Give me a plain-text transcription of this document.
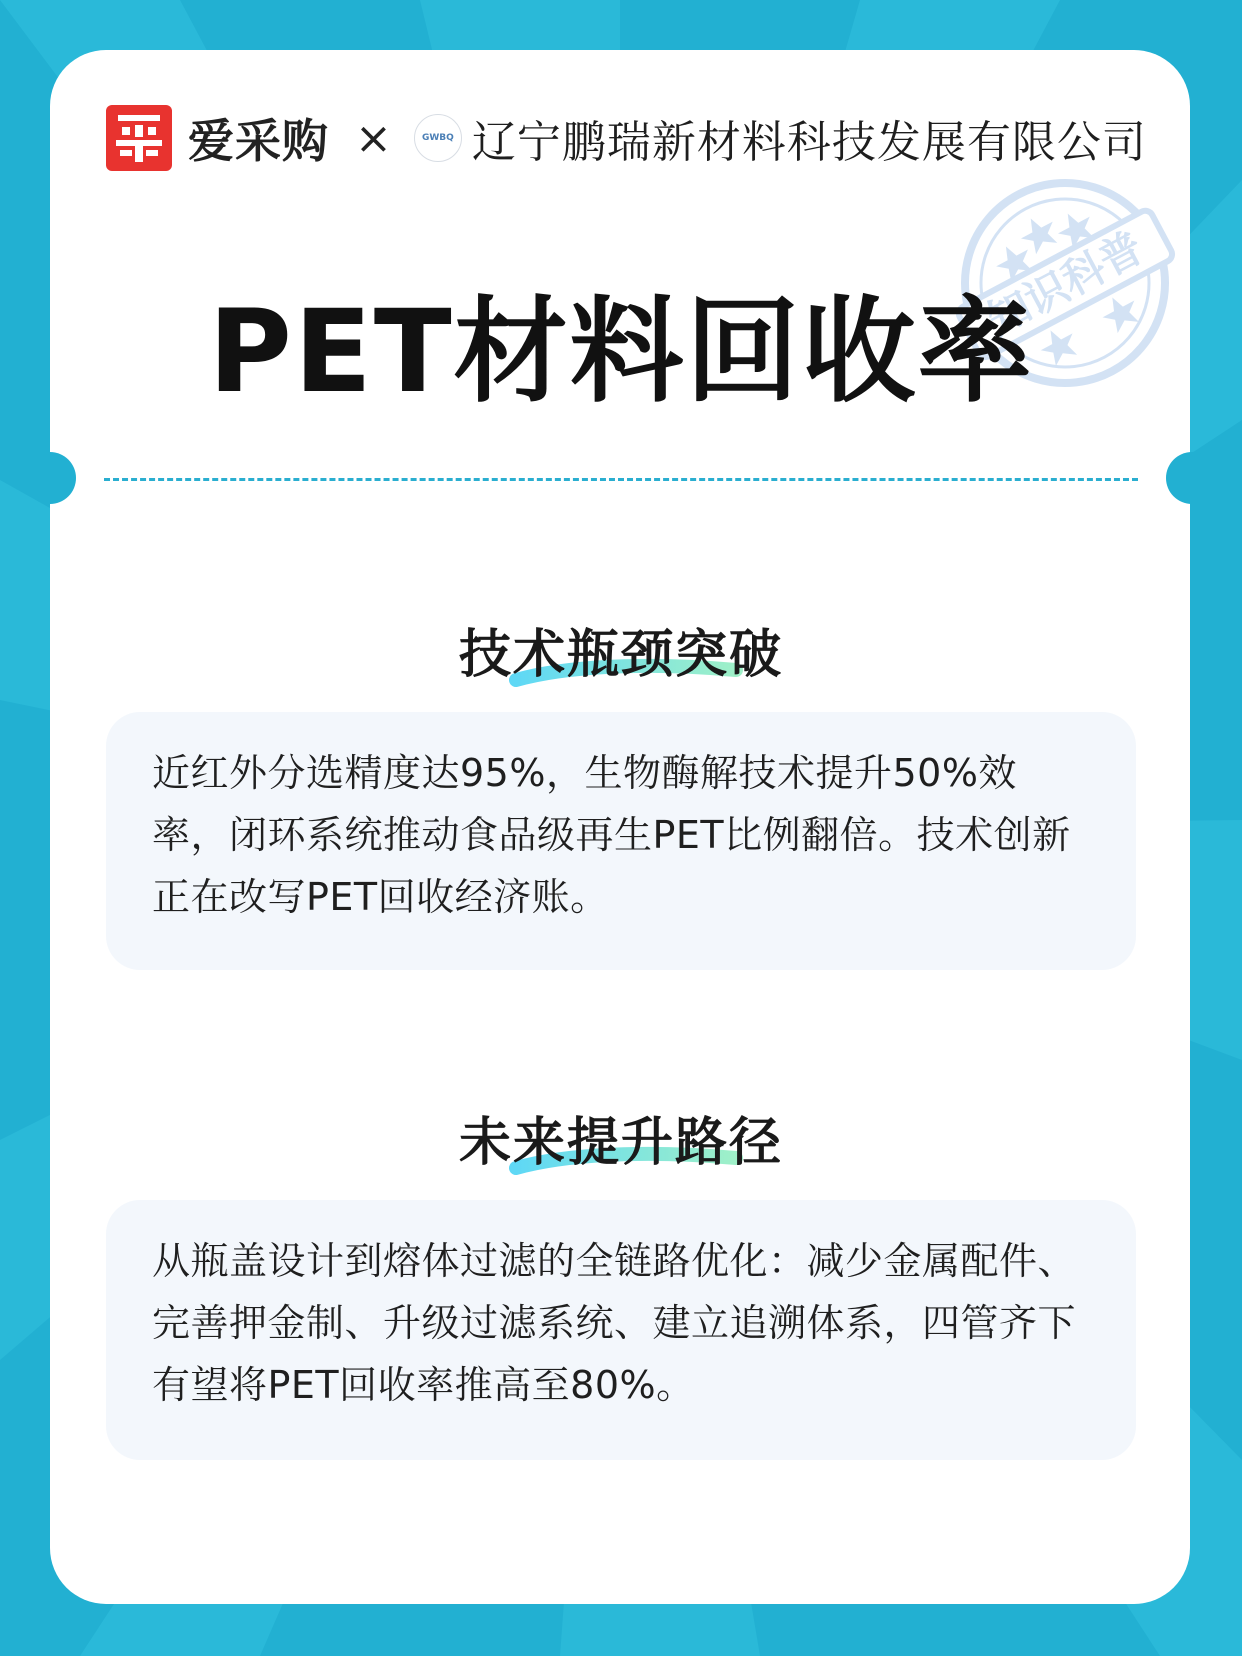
爱采购 ×	GWBQ 辽宁鹏瑞新材料科技发展有限公司
知识科普
PET材料回收率
技术瓶颈突破

近红外分选精度达95%，生物酶解技术提升50%效率，闭环系统推动食品级再生PET比例翻倍。技术创新正在改写PET回收经济账。

未来提升路径

从瓶盖设计到熔体过滤的全链路优化：减少金属配件、完善押金制、升级过滤系统、建立追溯体系，四管齐下有望将PET回收率推高至80%。
